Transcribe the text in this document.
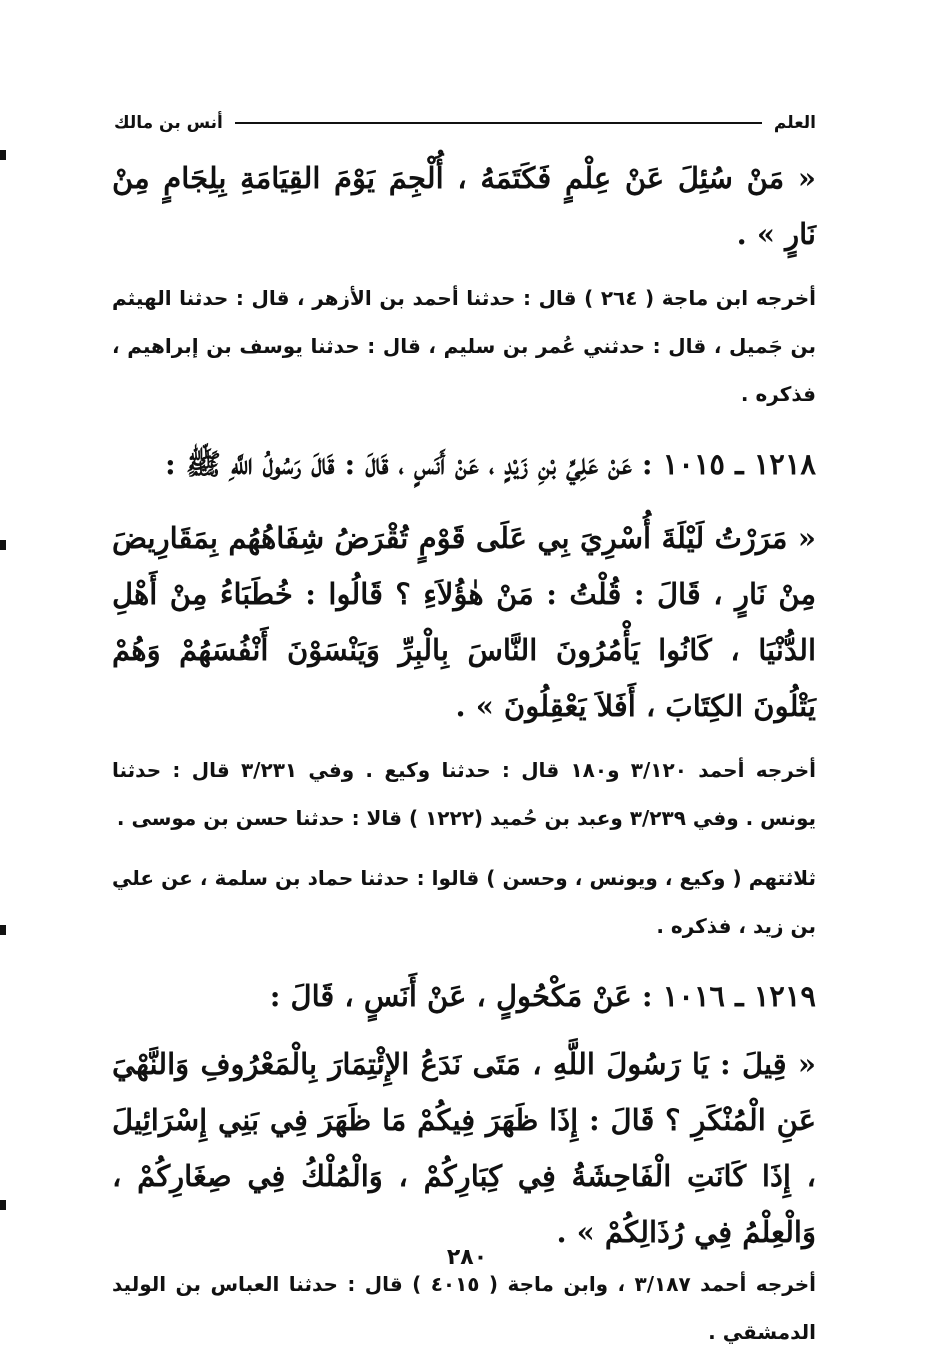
العلم
أنس بن مالك

« مَنْ سُئِلَ عَنْ عِلْمٍ فَكَتَمَهُ ، أُلْجِمَ يَوْمَ القِيَامَةِ بِلِجَامٍ مِنْ نَارٍ » .

أخرجه ابن ماجة ( ٢٦٤ ) قال : حدثنا أحمد بن الأزهر ، قال : حدثنا الهيثم بن جَميل ، قال : حدثني عُمر بن سليم ، قال : حدثنا يوسف بن إبراهيم ، فذكره .

١٢١٨ ـ ١٠١٥ : عَنْ عَلِيِّ بْنِ زَيْدٍ ، عَنْ أَنَسٍ ، قَالَ : قَالَ رَسُولُ اللَّهِ ﷺ :

« مَرَرْتُ لَيْلَةَ أُسْرِيَ بِي عَلَى قَوْمٍ تُقْرَضُ شِفَاهُهُم بِمَقَارِيضَ مِنْ نَارٍ ، قَالَ : قُلْتُ : مَنْ هٰؤُلاَءِ ؟ قَالُوا : خُطَبَاءُ مِنْ أَهْلِ الدُّنْيَا ، كَانُوا يَأْمُرُونَ النَّاسَ بِالْبِرِّ وَيَنْسَوْنَ أَنْفُسَهُمْ وَهُمْ يَتْلُونَ الكِتَابَ ، أَفَلاَ يَعْقِلُونَ » .

أخرجه أحمد ٣/١٢٠ و١٨٠ قال : حدثنا وكيع . وفي ٣/٢٣١ قال : حدثنا يونس . وفي ٣/٢٣٩ وعبد بن حُميد (١٢٢٢ ) قالا : حدثنا حسن بن موسى .

ثلاثتهم ( وكيع ، ويونس ، وحسن ) قالوا : حدثنا حماد بن سلمة ، عن علي بن زيد ، فذكره .

١٢١٩ ـ ١٠١٦ : عَنْ مَكْحُولٍ ، عَنْ أَنَسٍ ، قَالَ :

« قِيلَ : يَا رَسُولَ اللَّهِ ، مَتَى نَدَعُ الإِئْتِمَارَ بِالْمَعْرُوفِ وَالنَّهْيَ عَنِ الْمُنْكَرِ ؟ قَالَ : إِذَا ظَهَرَ فِيكُمْ مَا ظَهَرَ فِي بَنِي إِسْرَائِيلَ ، إِذَا كَانَتِ الْفَاحِشَةُ فِي كِبَارِكُمْ ، وَالْمُلْكُ فِي صِغَارِكُمْ ، وَالْعِلْمُ فِي رُذَالِكُمْ » .

أخرجه أحمد ٣/١٨٧ ، وابن ماجة ( ٤٠١٥ ) قال : حدثنا العباس بن الوليد الدمشقي .

٢٨٠
